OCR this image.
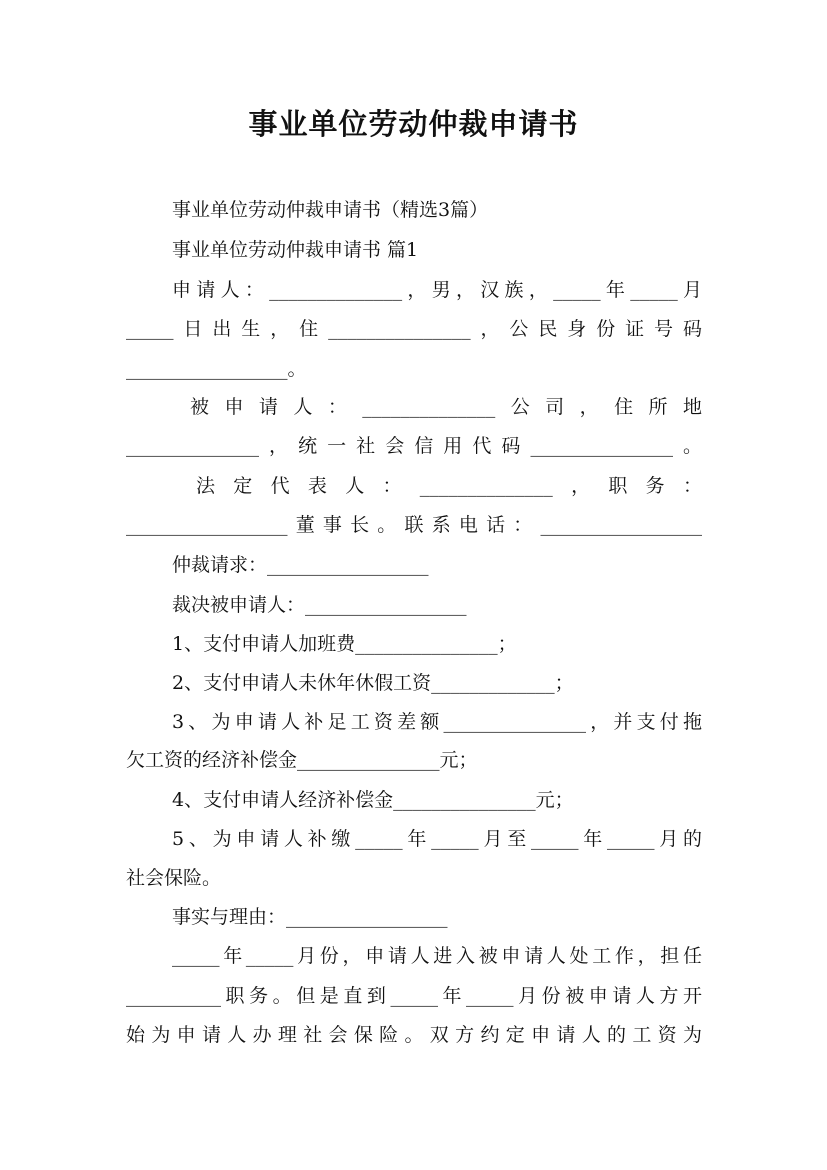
事业单位劳动仲裁申请书
事业单位劳动仲裁申请书（精选3篇）
事业单位劳动仲裁申请书 篇1
申请人：______________，男，汉族，_____年_____月
_____日出生，住_______________，公民身份证号码
_________________。
被申请人：______________公司，住所地
______________，统一社会信用代码_______________。
法定代表人：______________，职务：
_________________董事长。联系电话：_________________
仲裁请求：_________________
裁决被申请人：_________________
1、支付申请人加班费_______________；
2、支付申请人未休年休假工资_____________；
3、为申请人补足工资差额_______________，并支付拖
欠工资的经济补偿金_______________元；
4、支付申请人经济补偿金_______________元；
5、为申请人补缴_____年_____月至_____年_____月的
社会保险。
事实与理由：_________________
_____年_____月份，申请人进入被申请人处工作，担任
__________职务。但是直到_____年_____月份被申请人方开
始为申请人办理社会保险。双方约定申请人的工资为
